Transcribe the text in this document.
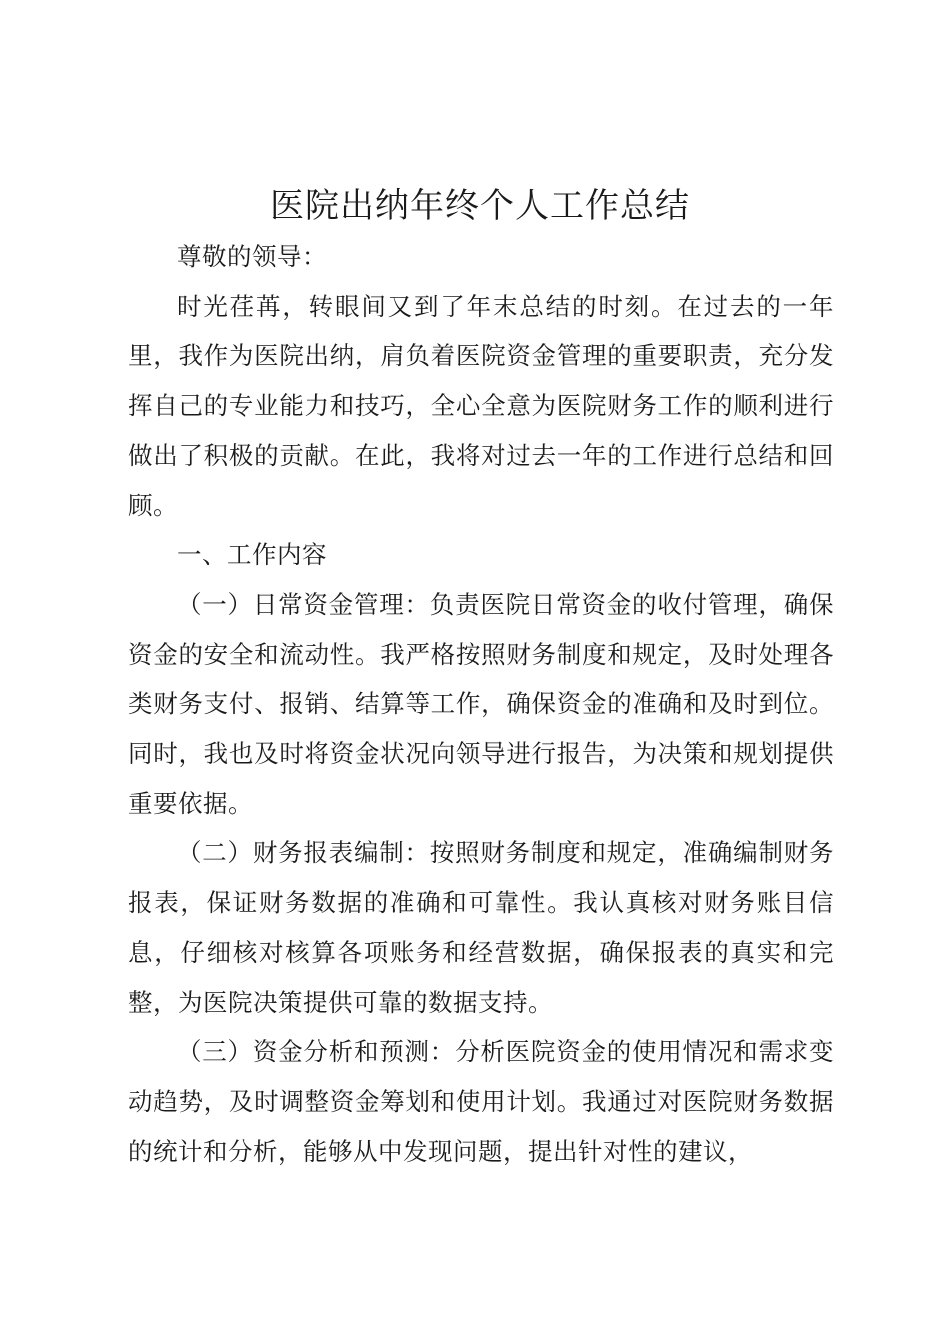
医院出纳年终个人工作总结

尊敬的领导：

时光荏苒，转眼间又到了年末总结的时刻。在过去的一年里，我作为医院出纳，肩负着医院资金管理的重要职责，充分发挥自己的专业能力和技巧，全心全意为医院财务工作的顺利进行做出了积极的贡献。在此，我将对过去一年的工作进行总结和回顾。

一、工作内容

（一）日常资金管理：负责医院日常资金的收付管理，确保资金的安全和流动性。我严格按照财务制度和规定，及时处理各类财务支付、报销、结算等工作，确保资金的准确和及时到位。同时，我也及时将资金状况向领导进行报告，为决策和规划提供重要依据。

（二）财务报表编制：按照财务制度和规定，准确编制财务报表，保证财务数据的准确和可靠性。我认真核对财务账目信息，仔细核对核算各项账务和经营数据，确保报表的真实和完整，为医院决策提供可靠的数据支持。

（三）资金分析和预测：分析医院资金的使用情况和需求变动趋势，及时调整资金筹划和使用计划。我通过对医院财务数据的统计和分析，能够从中发现问题，提出针对性的建议，
